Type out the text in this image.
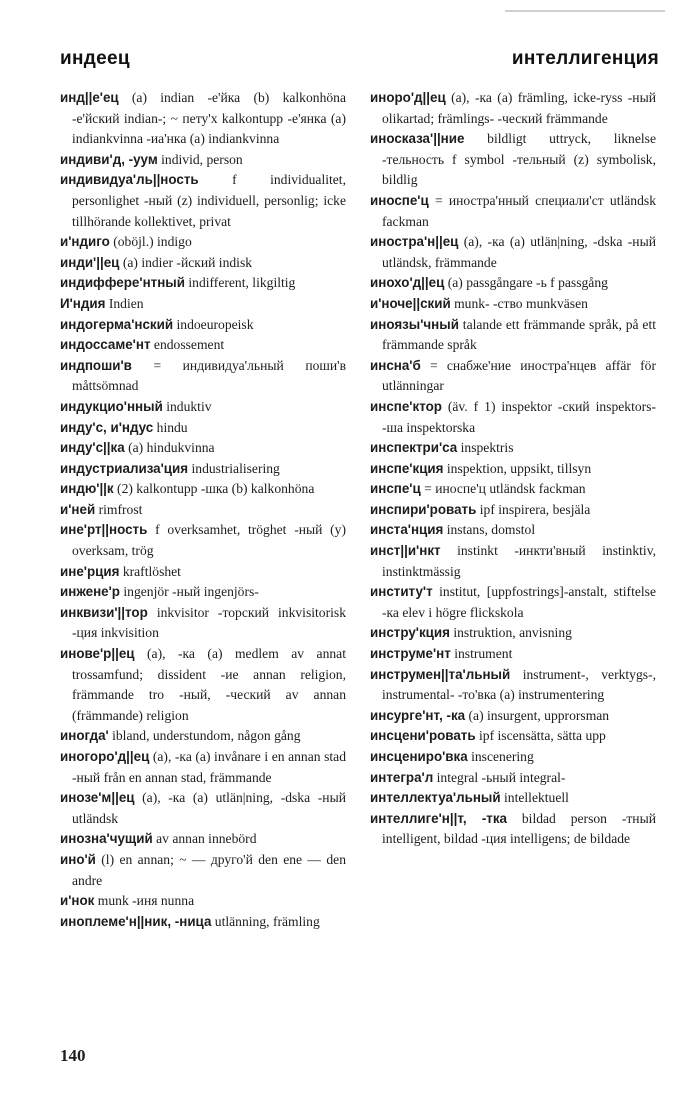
индеец	интеллигенция

инд||е'ец (a) indian -е'йка (b) kalkonhöna -е'йский indian-; ~ пету'х kalkontupp -е'янка (a) indiankvinna -иа'нка (a) indiankvinna

индиви'д, -уум individ, person

индивидуа'ль||ность f individualitet, personlighet -ный (z) individuell, personlig; icke tillhörande kollektivet, privat

и'ндиго (oböjl.) indigo

инди'||ец (a) indier -йский indisk

индиффере'нтный indifferent, likgiltig

И'ндия Indien

индогерма'нский indoeuropeisk

индоссаме'нт endossement

индпоши'в = индивидуа'льный поши'в måttsömnad

индукцио'нный induktiv

инду'с, и'ндус hindu

инду'с||ка (a) hindukvinna

индустриализа'ция industrialisering

индю'||к (2) kalkontupp -шка (b) kalkonhöna

и'ней rimfrost

ине'рт||ность f overksamhet, tröghet -ный (y) overksam, trög

ине'рция kraftlöshet

инжене'р ingenjör -ный ingenjörs-

инквизи'||тор inkvisitor -торский inkvisitorisk -ция inkvisition

инове'р||ец (a), -ка (a) medlem av annat trossamfund; dissident -ие annan religion, främmande tro -ный, -ческий av annan (främmande) religion

иногда' ibland, understundom, någon gång

иногоро'д||ец (a), -ка (a) invånare i en annan stad -ный från en annan stad, främmande

инозе'м||ец (a), -ка (a) utlän|ning, -dska -ный utländsk

инозна'чущий av annan innebörd

ино'й (l) en annan; ~ — друго'й den ene — den andre

и'нок munk -иня nunna

иноплеме'н||ник, -ница utlänning, främling

иноро'д||ец (a), -ка (a) främling, icke-ryss -ный olikartad; främlings- -ческий främmande

иносказа'||ние bildligt uttryck, liknelse -тельность f symbol -тельный (z) symbolisk, bildlig

иноспе'ц = иностра'нный специали'ст utländsk fackman

иностра'н||ец (a), -ка (a) utlän|ning, -dska -ный utländsk, främmande

инохо'д||ец (a) passgångare -ь f passgång

и'ноче||ский munk- -ство munkväsen

иноязы'чный talande ett främmande språk, på ett främmande språk

инсна'б = снабже'ние иностра'нцев affär för utlänningar

инспе'ктор (äv. f 1) inspektor -ский inspektors- -ша inspektorska

инспектри'са inspektris

инспе'кция inspektion, uppsikt, tillsyn

инспе'ц = иноспе'ц utländsk fackman

инспири'ровать ipf inspirera, besjäla

инста'нция instans, domstol

инст||и'нкт instinkt -инкти'вный instinktiv, instinktmässig

институ'т institut, [uppfostrings]-anstalt, stiftelse -ка elev i högre flickskola

инстру'кция instruktion, anvisning

инструме'нт instrument

инструмен||та'льный instrument-, verktygs-, instrumental- -то'вка (a) instrumentering

инсурге'нт, -ка (a) insurgent, upprorsman

инсцени'ровать ipf iscensätta, sätta upp

инсцениро'вка inscenering

интегра'л integral -ьный integral-

интеллектуа'льный intellektuell

интеллиге'н||т, -тка bildad person -тный intelligent, bildad -ция intelligens; de bildade

140
